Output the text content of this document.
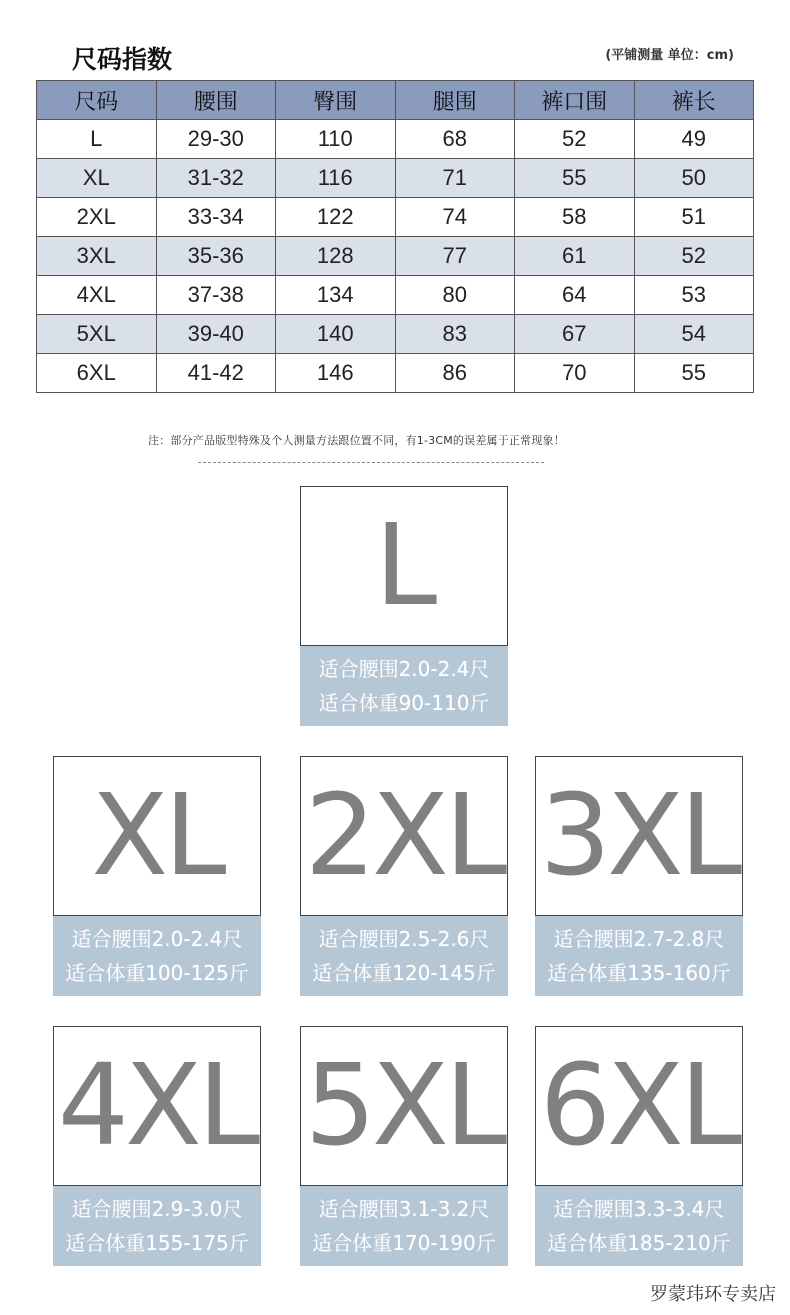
尺码指数	(平铺测量 单位：cm)
尺码	腰围	臀围	腿围	裤口围	裤长
L	29-30	110	68	52	49
XL	31-32	116	71	55	50
2XL	33-34	122	74	58	51
3XL	35-36	128	77	61	52
4XL	37-38	134	80	64	53
5XL	39-40	140	83	67	54
6XL	41-42	146	86	70	55
注：部分产品版型特殊及个人测量方法跟位置不同，有1-3CM的误差属于正常现象！
L
适合腰围2.0-2.4尺
适合体重90-110斤
XL
适合腰围2.0-2.4尺
适合体重100-125斤
2XL
适合腰围2.5-2.6尺
适合体重120-145斤
3XL
适合腰围2.7-2.8尺
适合体重135-160斤
4XL
适合腰围2.9-3.0尺
适合体重155-175斤
5XL
适合腰围3.1-3.2尺
适合体重170-190斤
6XL
适合腰围3.3-3.4尺
适合体重185-210斤
罗蒙玮环专卖店
